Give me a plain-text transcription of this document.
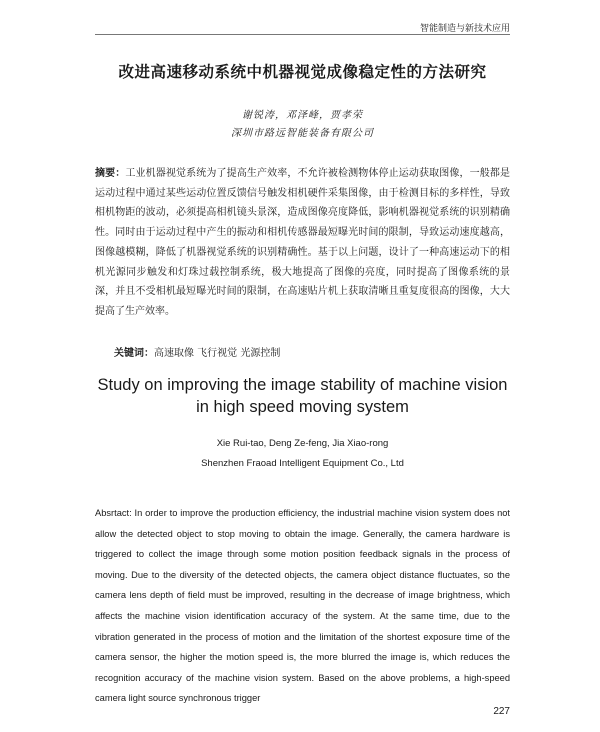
智能制造与新技术应用
改进高速移动系统中机器视觉成像稳定性的方法研究
谢锐涛，邓泽峰，贾孝荣
深圳市路远智能装备有限公司

摘要：工业机器视觉系统为了提高生产效率，不允许被检测物体停止运动获取图像，一般都是运动过程中通过某些运动位置反馈信号触发相机硬件采集图像，由于检测目标的多样性，导致相机物距的波动，必须提高相机镜头景深，造成图像亮度降低，影响机器视觉系统的识别精确性。同时由于运动过程中产生的振动和相机传感器最短曝光时间的限制，导致运动速度越高，图像越模糊，降低了机器视觉系统的识别精确性。基于以上问题，设计了一种高速运动下的相机光源同步触发和灯珠过载控制系统，极大地提高了图像的亮度，同时提高了图像系统的景深，并且不受相机最短曝光时间的限制，在高速贴片机上获取清晰且重复度很高的图像，大大提高了生产效率。

关键词：高速取像 飞行视觉 光源控制

Study on improving the image stability of machine vision in high speed moving system

Xie Rui-tao, Deng Ze-feng, Jia Xiao-rong
Shenzhen Fraoad Intelligent Equipment Co., Ltd

Absrtact: In order to improve the production efficiency, the industrial machine vision system does not allow the detected object to stop moving to obtain the image. Generally, the camera hardware is triggered to collect the image through some motion position feedback signals in the process of moving. Due to the diversity of the detected objects, the camera object distance fluctuates, so the camera lens depth of field must be improved, resulting in the decrease of image brightness, which affects the machine vision identification accuracy of the system. At the same time, due to the vibration generated in the process of motion and the limitation of the shortest exposure time of the camera sensor, the higher the motion speed is, the more blurred the image is, which reduces the recognition accuracy of the machine vision system. Based on the above problems, a high-speed camera light source synchronous trigger

227
